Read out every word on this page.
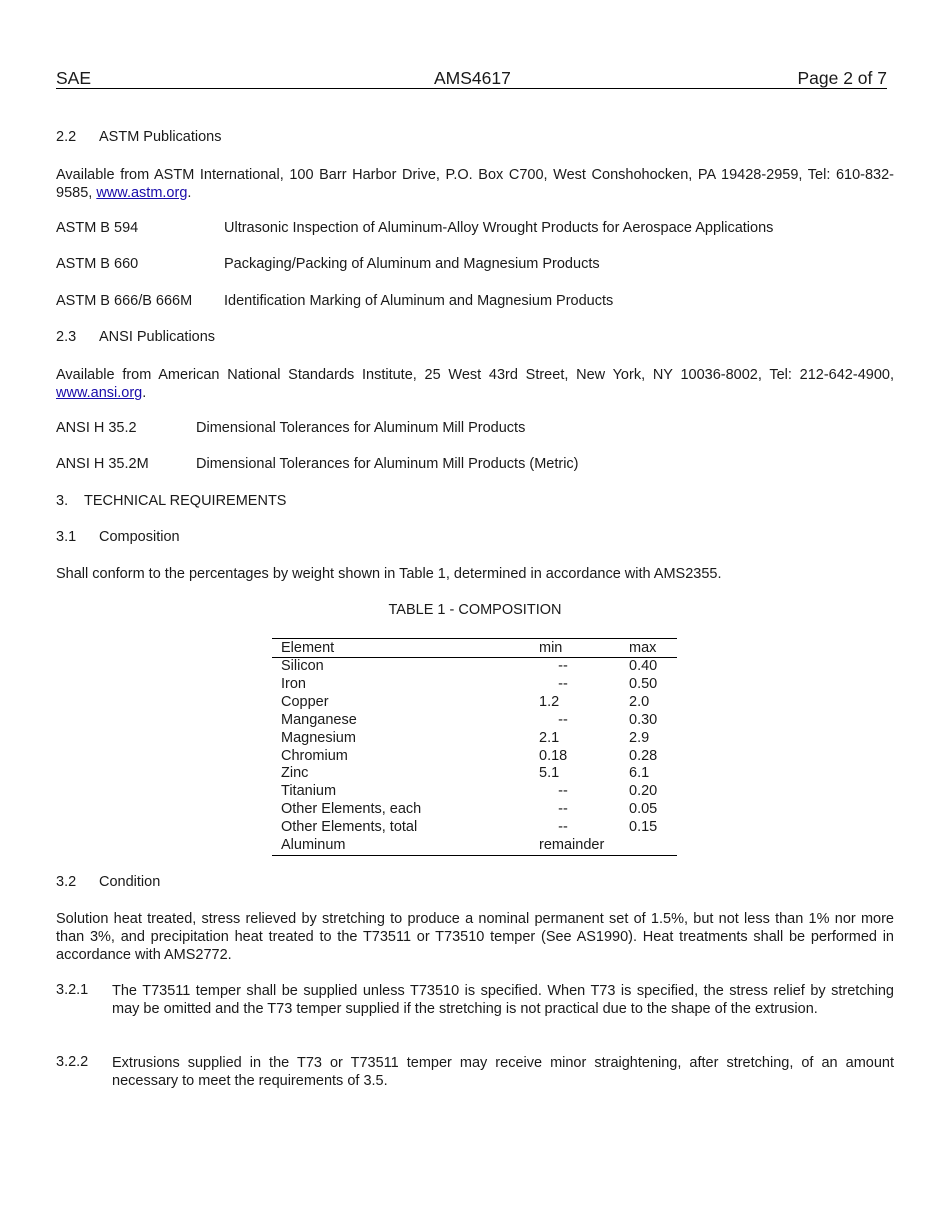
SAE	AMS4617	Page 2 of 7
2.2 ASTM Publications
Available from ASTM International, 100 Barr Harbor Drive, P.O. Box C700, West Conshohocken, PA 19428-2959, Tel: 610-832-9585, www.astm.org.
ASTM B 594	Ultrasonic Inspection of Aluminum-Alloy Wrought Products for Aerospace Applications
ASTM B 660	Packaging/Packing of Aluminum and Magnesium Products
ASTM B 666/B 666M Identification Marking of Aluminum and Magnesium Products
2.3 ANSI Publications
Available from American National Standards Institute, 25 West 43rd Street, New York, NY 10036-8002, Tel: 212-642-4900, www.ansi.org.
ANSI H 35.2	Dimensional Tolerances for Aluminum Mill Products
ANSI H 35.2M	Dimensional Tolerances for Aluminum Mill Products (Metric)
3. TECHNICAL REQUIREMENTS
3.1 Composition
Shall conform to the percentages by weight shown in Table 1, determined in accordance with AMS2355.
TABLE 1 - COMPOSITION
Element	min	max
Silicon	--	0.40
Iron	--	0.50
Copper	1.2	2.0
Manganese	--	0.30
Magnesium	2.1	2.9
Chromium	0.18	0.28
Zinc	5.1	6.1
Titanium	--	0.20
Other Elements, each	--	0.05
Other Elements, total	--	0.15
Aluminum	remainder	
3.2 Condition
Solution heat treated, stress relieved by stretching to produce a nominal permanent set of 1.5%, but not less than 1% nor more than 3%, and precipitation heat treated to the T73511 or T73510 temper (See AS1990). Heat treatments shall be performed in accordance with AMS2772.
3.2.1 The T73511 temper shall be supplied unless T73510 is specified. When T73 is specified, the stress relief by stretching may be omitted and the T73 temper supplied if the stretching is not practical due to the shape of the extrusion.
3.2.2 Extrusions supplied in the T73 or T73511 temper may receive minor straightening, after stretching, of an amount necessary to meet the requirements of 3.5.
